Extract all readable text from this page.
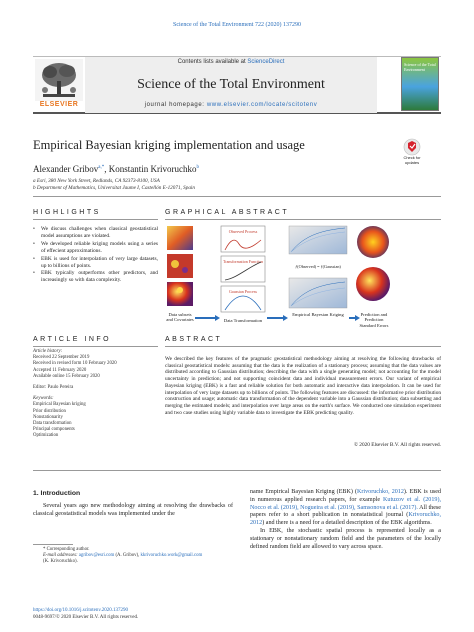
Science of the Total Environment 722 (2020) 137290
ELSEVIER
Contents lists available at ScienceDirect
Science of the Total Environment
journal homepage: www.elsevier.com/locate/scitotenv
Science of the Total Environment
Empirical Bayesian kriging implementation and usage
Check for updates
Alexander Gribov$^{a,*}$, Konstantin Krivoruchko$^b$
a Esri, 380 New York Street, Redlands, CA 92373-8100, USA
b Department of Mathematics, Universitat Jaume I, Castellón E-12071, Spain
HIGHLIGHTS
•	We discuss challenges when classical geostatistical model assumptions are violated.
•	We developed reliable kriging models using a series of effecient approximations.
•	EBK is used for interpolation of very large datasets, up to billions of points.
•	EBK typically outperforms other predictors, and increasingly so with data complexity.
GRAPHICAL ABSTRACT
Observed Process
Transformation Function
Gaussian Process
ƒ(Observed) = ƒ(Gaussian)
Data subsets and Covariates	Data Transformation
Empirical Bayesian Kriging	Prediction and Prediction Standard Errors
ARTICLE INFO
Article history:
Received 22 September 2019
Received in revised form 10 February 2020
Accepted 11 February 2020
Available online 15 February 2020
Editor: Paulo Pereira
Keywords:
Empirical Bayesian kriging
Prior distribution
Nonstationarity
Data transformation
Principal components
Optimization
ABSTRACT
We described the key features of the pragmatic geostatistical methodology aiming at resolving the following drawbacks of classical geostatistical models: assuming that the data is the realization of a stationary process; assuming that the data values are distributed according to Gaussian distribution; describing the data with a single generating model; not accounting for the model uncertainty in prediction; and not supporting coincident data and individual measurement errors. Our variant of empirical Bayesian kriging (EBK) is a fast and reliable solution for both automatic and interactive data interpolation. It can be used for interpolation of very large datasets up to billions of points. The following features are discussed: the informative prior distribution construction and usage; automatic data transformation of the dependent variable into a Gaussian distribution; data subsetting and merging the estimated models; and interpolation over large areas on the earth's surface. We conducted one simulation experiment and two case studies using highly variable data to investigate the EBK predicting quality.
© 2020 Elsevier B.V. All rights reserved.
1. Introduction
Several years ago new methodology aiming at resolving the drawbacks of classical geostatistical models was implemented under the
name Empirical Bayesian Kriging (EBK) (Krivoruchko, 2012). EBK is used in numerous applied research papers, for example Kutuzov et al. (2019), Nocco et al. (2019), Nogueira et al. (2019), Samsonova et al. (2017). All these papers refer to a short publication in nonstatistical journal (Krivoruchko, 2012) and there is a need for a detailed description of the EBK algorithms.
In EBK, the stochastic spatial process is represented locally as a stationary or nonstationary random field and the parameters of the locally defined random field are allowed to vary across space.
* Corresponding author.
E-mail addresses: agribov@esri.com (A. Gribov), kkrivoruchko.work@gmail.com
(K. Krivoruchko).
https://doi.org/10.1016/j.scitotenv.2020.137290
0048-9697/© 2020 Elsevier B.V. All rights reserved.
